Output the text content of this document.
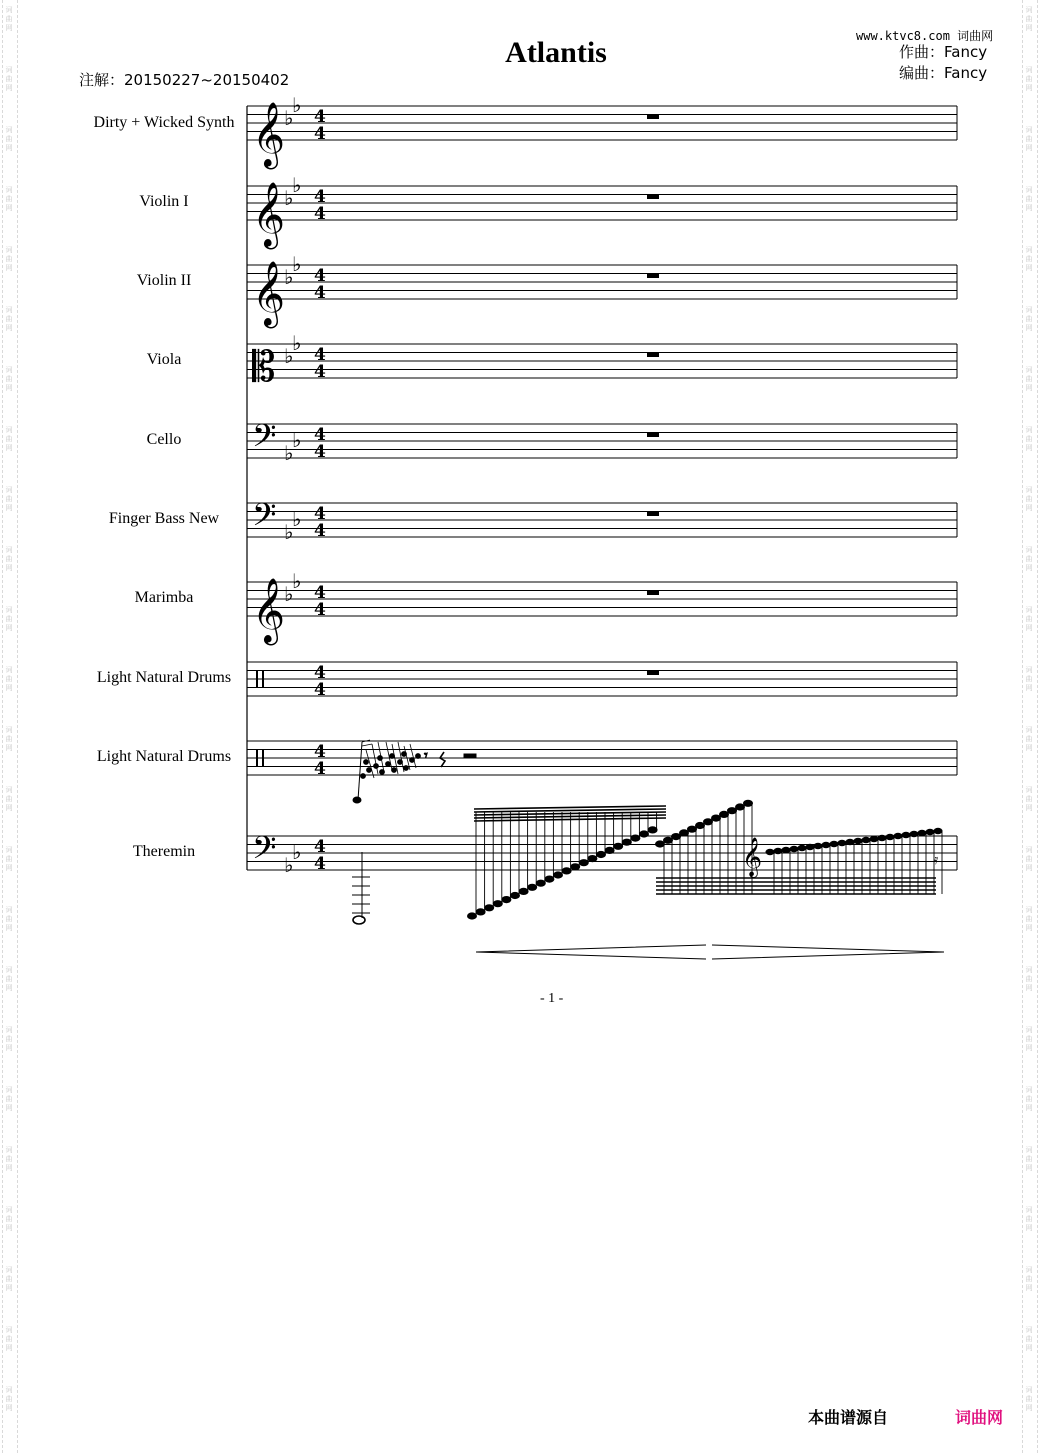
词
曲
网
词
曲
网
词
曲
网
词
曲
网
词
曲
网
词
曲
网
词
曲
网
词
曲
网
词
曲
网
词
曲
网
词
曲
网
词
曲
网
词
曲
网
词
曲
网
词
曲
网
词
曲
网
词
曲
网
词
曲
网
词
曲
网
词
曲
网
词
曲
网
词
曲
网
词
曲
网
词
曲
网
词
曲
网
词
曲
网
词
曲
网
词
曲
网
词
曲
网
词
曲
网
词
曲
网
词
曲
网
词
曲
网
词
曲
网
词
曲
网
词
曲
网
词
曲
网
词
曲
网
词
曲
网
词
曲
网
词
曲
网
词
曲
网
词
曲
网
词
曲
网
词
曲
网
词
曲
网
词
曲
网
词
曲
网
Atlantis	www.ktvc8.com 词曲网
作曲：Fancy
编曲：Fancy
注解：20150227~20150402
Dirty + Wicked Synth
Violin I
Violin II
Viola
Cello
Finger Bass New
Marimba
Light Natural Drums
Light Natural Drums
Theremin
𝄞
♭
♭ 4
4
𝄞
♭
♭ 4
4
𝄞
♭
♭ 4
4
𝄡 ♭
♭ 4
4
𝄢 ♭
♭ 4
4
𝄢 ♭
♭ 4
4
𝄞
♭
♭ 4
4
4
4
4
4
𝄢 ♭
♭ 4
4
𝄾
𝄞	𝄿
- 1 -
本曲谱源自	词曲网
